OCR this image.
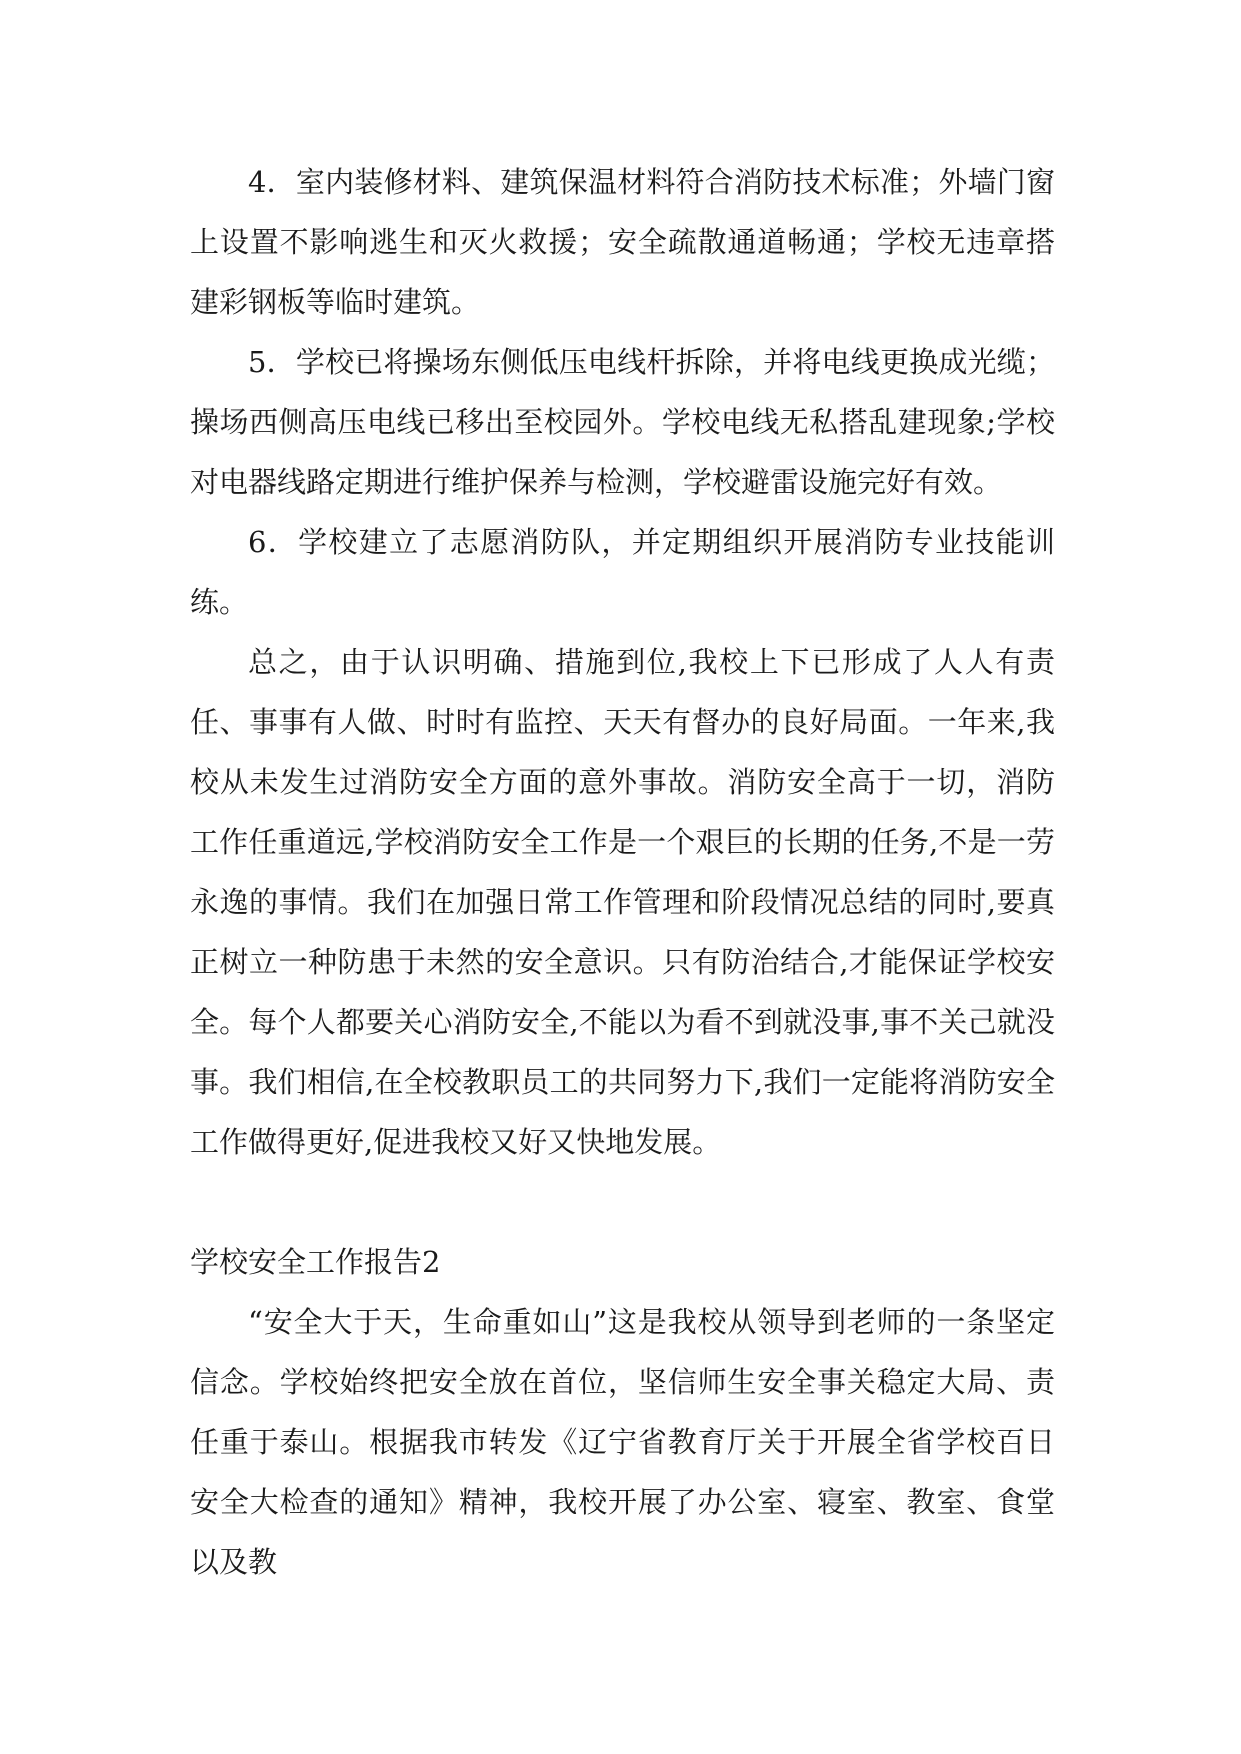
4．室内装修材料、建筑保温材料符合消防技术标准；外墙门窗上设置不影响逃生和灭火救援；安全疏散通道畅通；学校无违章搭建彩钢板等临时建筑。

5．学校已将操场东侧低压电线杆拆除，并将电线更换成光缆；操场西侧高压电线已移出至校园外。学校电线无私搭乱建现象;学校对电器线路定期进行维护保养与检测，学校避雷设施完好有效。

6．学校建立了志愿消防队，并定期组织开展消防专业技能训练。

总之，由于认识明确、措施到位,我校上下已形成了人人有责任、事事有人做、时时有监控、天天有督办的良好局面。一年来,我校从未发生过消防安全方面的意外事故。消防安全高于一切，消防工作任重道远,学校消防安全工作是一个艰巨的长期的任务,不是一劳永逸的事情。我们在加强日常工作管理和阶段情况总结的同时,要真正树立一种防患于未然的安全意识。只有防治结合,才能保证学校安全。每个人都要关心消防安全,不能以为看不到就没事,事不关己就没事。我们相信,在全校教职员工的共同努力下,我们一定能将消防安全工作做得更好,促进我校又好又快地发展。

学校安全工作报告2

“安全大于天，生命重如山”这是我校从领导到老师的一条坚定信念。学校始终把安全放在首位，坚信师生安全事关稳定大局、责任重于泰山。根据我市转发《辽宁省教育厅关于开展全省学校百日安全大检查的通知》精神，我校开展了办公室、寝室、教室、食堂以及教
